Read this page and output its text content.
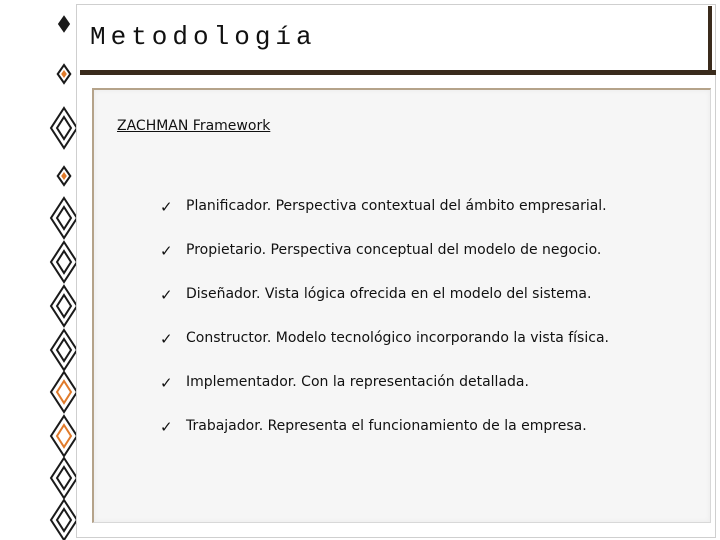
Metodología

ZACHMAN Framework

✓ Planificador. Perspectiva contextual del ámbito empresarial.
✓ Propietario. Perspectiva conceptual del modelo de negocio.
✓ Diseñador. Vista lógica ofrecida en el modelo del sistema.
✓ Constructor. Modelo tecnológico incorporando la vista física.
✓ Implementador. Con la representación detallada.
✓ Trabajador. Representa el funcionamiento de la empresa.
